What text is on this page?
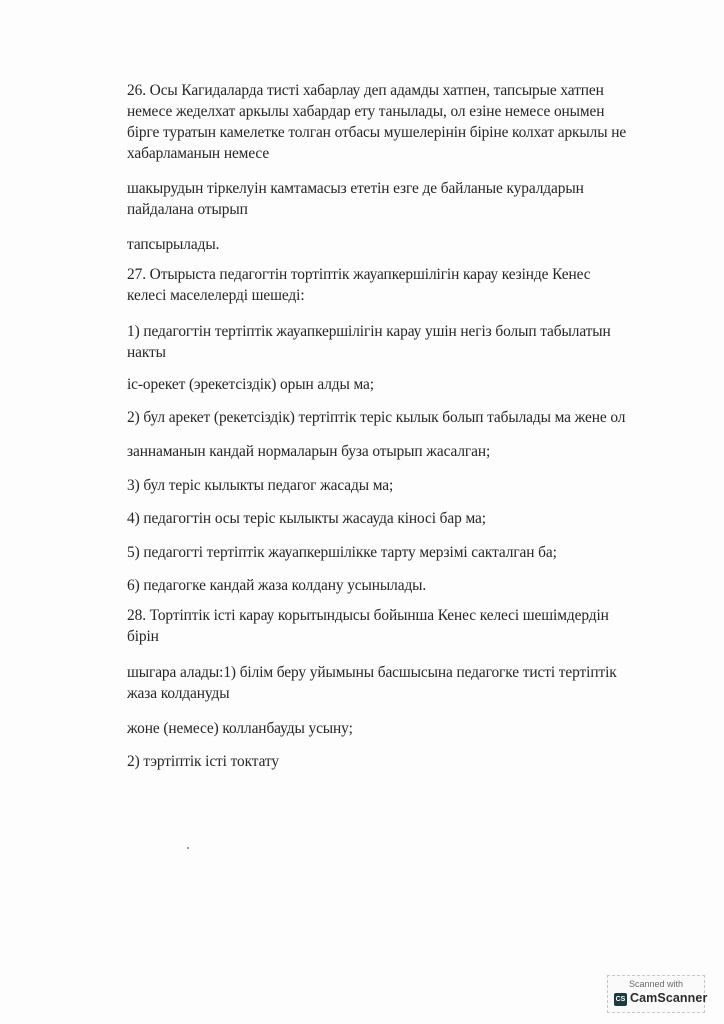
26. Осы Кагидаларда тисті хабарлау деп адамды хатпен, тапсырые хатпен
немесе жеделхат аркылы хабардар ету танылады, ол езіне немесе онымен
бірге туратын камелетке толган отбасы мушелерінін біріне колхат аркылы не
хабарламанын немесе
шакырудын тіркелуін камтамасыз ететін езге де байланые куралдарын
пайдалана отырып
тапсырылады.
27. Отырыста педагогтін тортіптік жауапкершілігін карау кезінде Кенес
келесі маселелерді шешеді:
1) педагогтін тертіптік жауапкершілігін карау ушін негіз болып табылатын
накты
іс-орекет (эрекетсіздік) орын алды ма;
2) бул арекет (рекетсіздік) тертіптік теріс кылык болып табылады ма жене ол
заннаманын кандай нормаларын буза отырып жасалган;
3) бул теріс кылыкты педагог жасады ма;
4) педагогтін осы теріс кылыкты жасауда кіносі бар ма;
5) педагогті тертіптік жауапкершілікке тарту мерзімі сакталган ба;
6) педагогке кандай жаза колдану усынылады.
28. Тортіптік істі карау корытындысы бойынша Кенес келесі шешімдердін
бірін
шыгара алады:1) білім беру уйымыны басшысына педагогке тисті тертіптік
жаза колдануды
жоне (немесе) колланбауды усыну;
2) тэртіптік істі токтату
Scanned with
CS CamScanner
